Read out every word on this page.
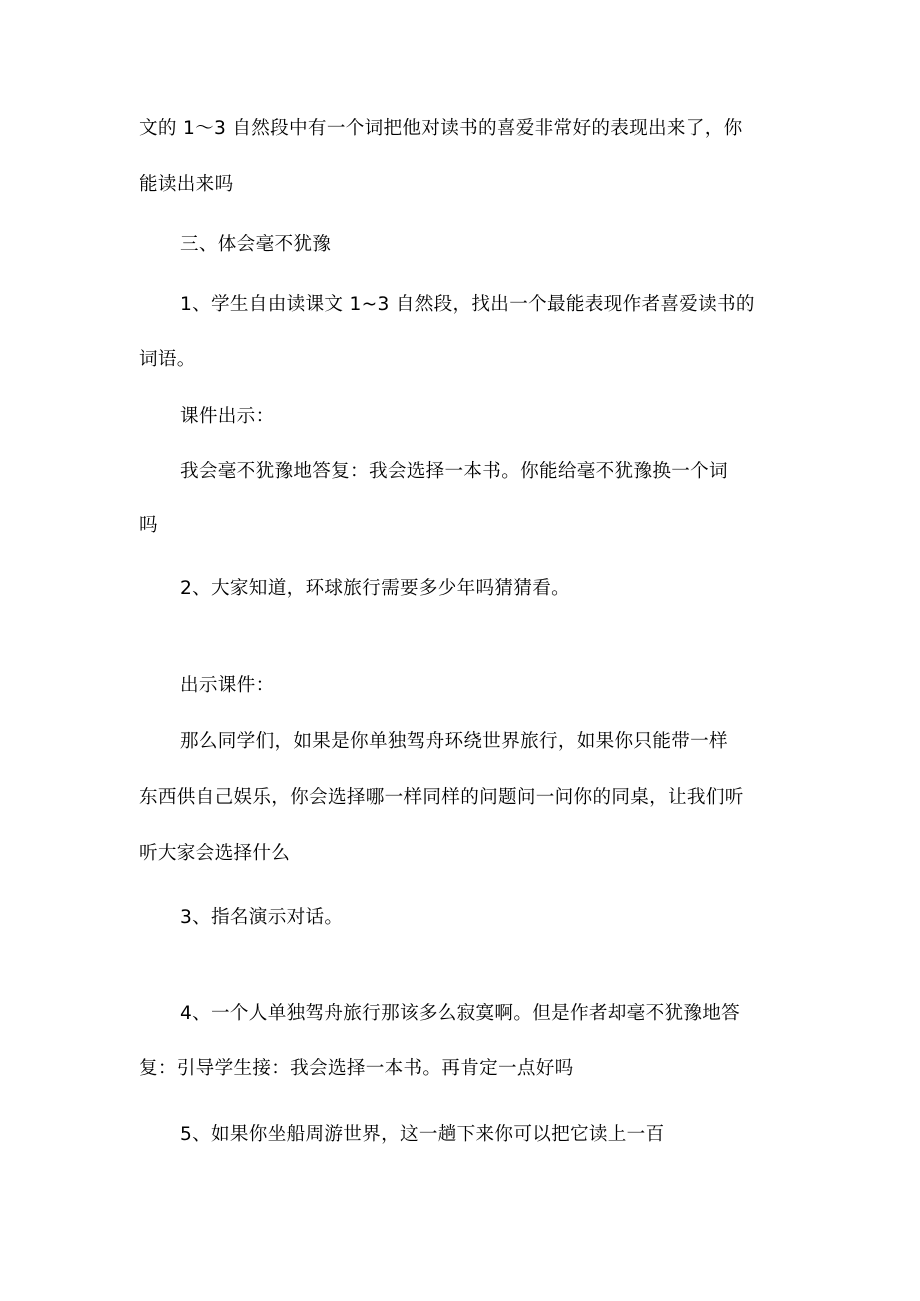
文的 1～3 自然段中有一个词把他对读书的喜爱非常好的表现出来了，你
能读出来吗
三、体会毫不犹豫
1、学生自由读课文 1~3 自然段，找出一个最能表现作者喜爱读书的
词语。
课件出示：
我会毫不犹豫地答复：我会选择一本书。你能给毫不犹豫换一个词
吗
2、大家知道，环球旅行需要多少年吗猜猜看。
出示课件：
那么同学们，如果是你单独驾舟环绕世界旅行，如果你只能带一样
东西供自己娱乐，你会选择哪一样同样的问题问一问你的同桌，让我们听
听大家会选择什么
3、指名演示对话。
4、一个人单独驾舟旅行那该多么寂寞啊。但是作者却毫不犹豫地答
复：引导学生接：我会选择一本书。再肯定一点好吗
5、如果你坐船周游世界，这一趟下来你可以把它读上一百
